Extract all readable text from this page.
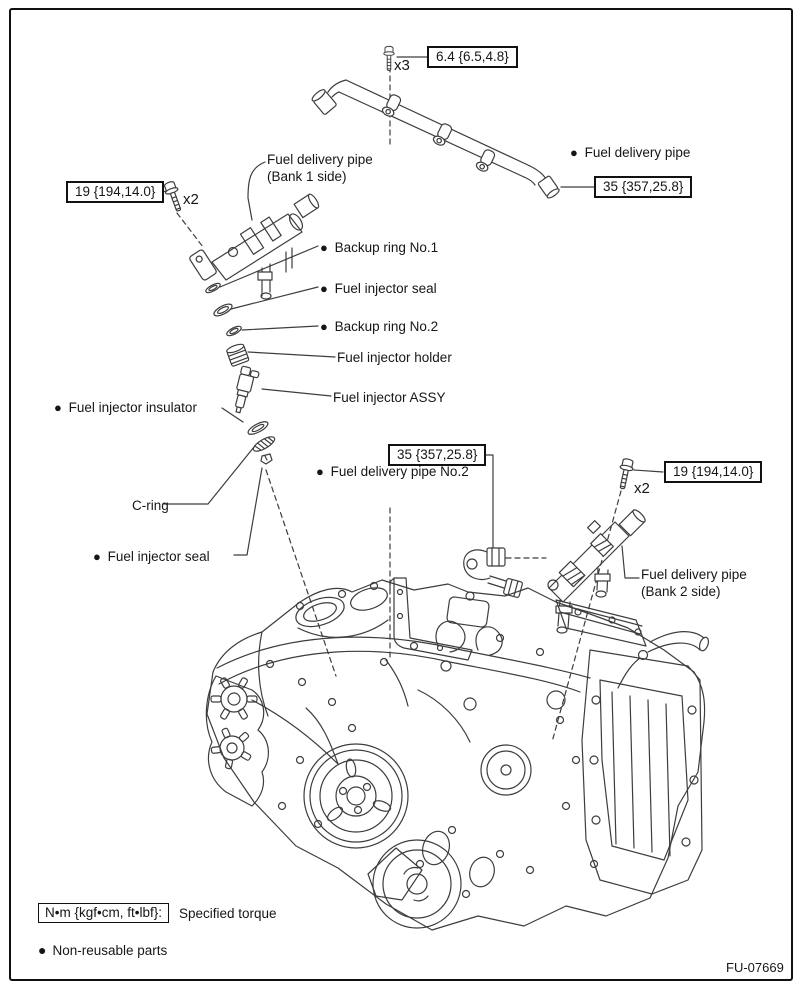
6.4 {6.5,4.8}
x3
19 {194,14.0}	x2
35 {357,25.8}
35 {357,25.8}
19 {194,14.0}
x2
Fuel delivery pipe
(Bank 1 side)
● Fuel delivery pipe
● Backup ring No.1
● Fuel injector seal
● Backup ring No.2
Fuel injector holder
Fuel injector ASSY
● Fuel injector insulator
C-ring
● Fuel injector seal
● Fuel delivery pipe No.2
Fuel delivery pipe
(Bank 2 side)
N•m {kgf•cm, ft•lbf}:	Specified torque
● Non-reusable parts
FU-07669
